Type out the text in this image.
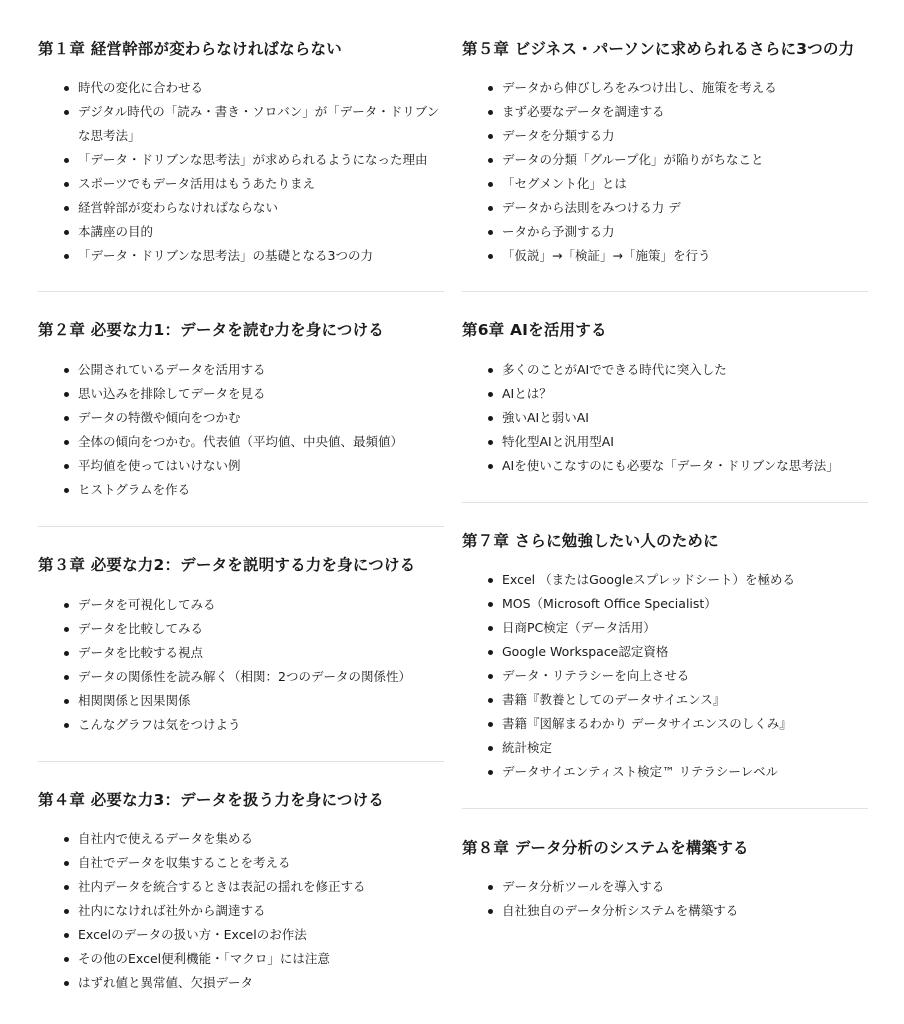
第１章 経営幹部が変わらなければならない
時代の変化に合わせる
デジタル時代の「読み・書き・ソロバン」が「データ・ドリブンな思考法」
「データ・ドリブンな思考法」が求められるようになった理由
スポーツでもデータ活用はもうあたりまえ
経営幹部が変わらなければならない
本講座の目的
「データ・ドリブンな思考法」の基礎となる3つの力
第２章 必要な力1：データを読む力を身につける
公開されているデータを活用する
思い込みを排除してデータを見る
データの特徴や傾向をつかむ
全体の傾向をつかむ。代表値（平均値、中央値、最頻値）
平均値を使ってはいけない例
ヒストグラムを作る
第３章 必要な力2：データを説明する力を身につける
データを可視化してみる
データを比較してみる
データを比較する視点
データの関係性を読み解く（相関：2つのデータの関係性）
相関関係と因果関係
こんなグラフは気をつけよう
第４章 必要な力3：データを扱う力を身につける
自社内で使えるデータを集める
自社でデータを収集することを考える
社内データを統合するときは表記の揺れを修正する
社内になければ社外から調達する
Excelのデータの扱い方・Excelのお作法
その他のExcel便利機能・「マクロ」には注意
はずれ値と異常値、欠損データ
第５章 ビジネス・パーソンに求められるさらに3つの力
データから伸びしろをみつけ出し、施策を考える
まず必要なデータを調達する
データを分類する力
データの分類「グループ化」が陥りがちなこと
「セグメント化」とは
データから法則をみつける力 デ
ータから予測する力
「仮説」→「検証」→「施策」を行う
第6章 AIを活用する
多くのことがAIでできる時代に突入した
AIとは？
強いAIと弱いAI
特化型AIと汎用型AI
AIを使いこなすのにも必要な「データ・ドリブンな思考法」
第７章 さらに勉強したい人のために
Excel （またはGoogleスプレッドシート）を極める
MOS（Microsoft Office Specialist）
日商PC検定（データ活用）
Google Workspace認定資格
データ・リテラシーを向上させる
書籍『教養としてのデータサイエンス』
書籍『図解まるわかり データサイエンスのしくみ』
統計検定
データサイエンティスト検定™ リテラシーレベル
第８章 データ分析のシステムを構築する
データ分析ツールを導入する
自社独自のデータ分析システムを構築する
